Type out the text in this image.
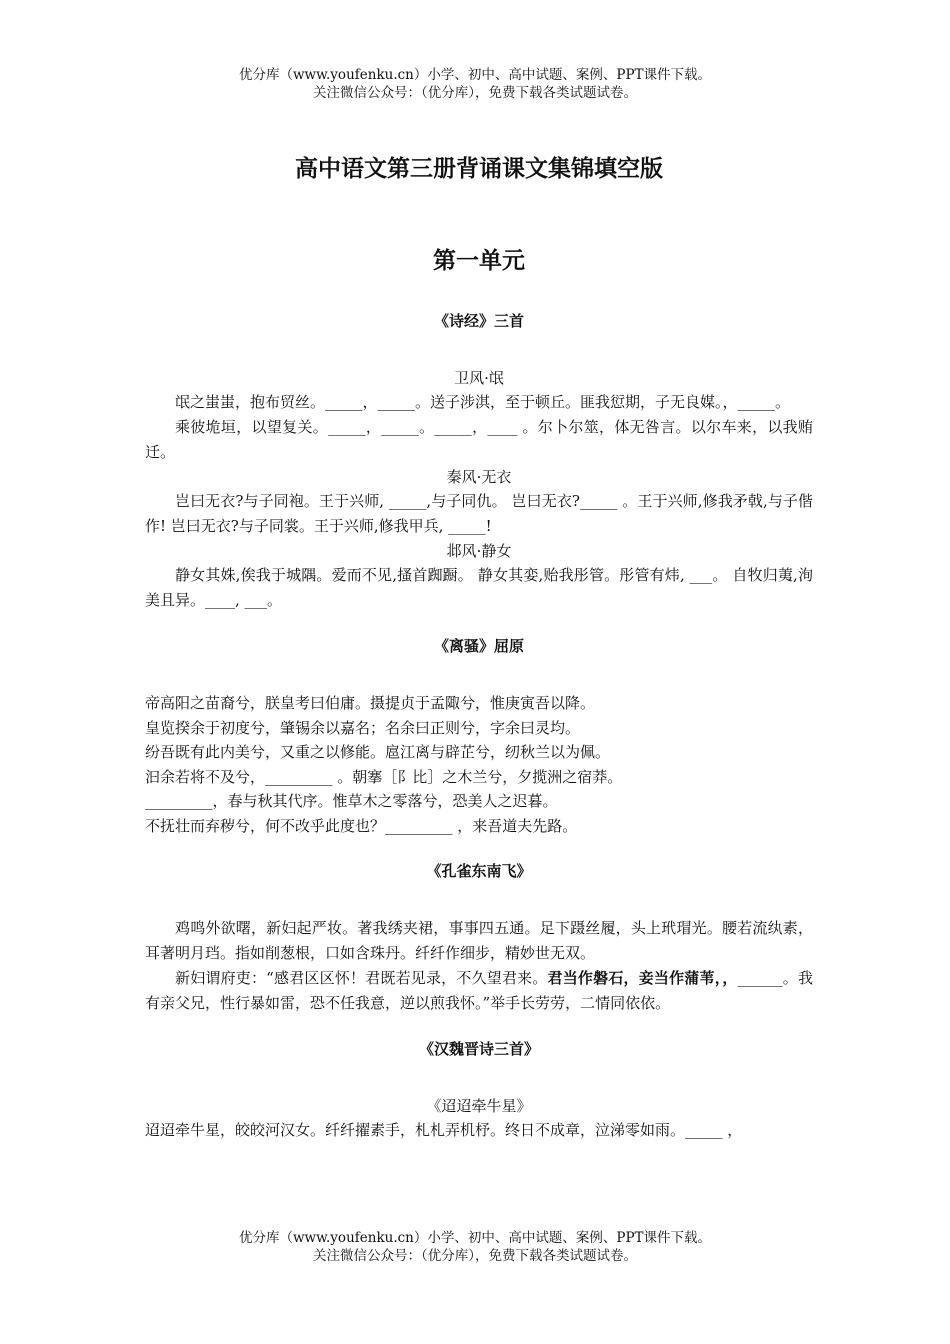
优分库（www.youfenku.cn）小学、初中、高中试题、案例、PPT课件下载。
关注微信公众号：（优分库），免费下载各类试题试卷。
高中语文第三册背诵课文集锦填空版
第一单元
《诗经》三首
卫风·氓

氓之蚩蚩，抱布贸丝。_____，_____。送子涉淇，至于顿丘。匪我愆期，子无良媒。，_____。

乘彼垝垣，以望复关。_____，_____。_____，____ 。尔卜尔筮，体无咎言。以尔车来，以我贿迁。

秦风·无衣

岂曰无衣?与子同袍。王于兴师, _____,与子同仇。 岂曰无衣?_____ 。王于兴师,修我矛戟,与子偕作! 岂曰无衣?与子同裳。王于兴师,修我甲兵, _____!

邶风·静女

静女其姝,俟我于城隅。爱而不见,搔首踟蹰。 静女其娈,贻我彤管。彤管有炜, ___。 自牧归荑,洵美且异。____, ___。

《离骚》屈原

帝高阳之苗裔兮，朕皇考曰伯庸。摄提贞于孟陬兮，惟庚寅吾以降。

皇览揆余于初度兮，肇锡余以嘉名；名余曰正则兮，字余曰灵均。

纷吾既有此内美兮，又重之以修能。扈江离与辟芷兮，纫秋兰以为佩。

汩余若将不及兮，_________ 。朝搴［阝比］之木兰兮，夕揽洲之宿莽。

_________，春与秋其代序。惟草木之零落兮，恐美人之迟暮。

不抚壮而弃秽兮，何不改乎此度也？_________ ，来吾道夫先路。

《孔雀东南飞》

鸡鸣外欲曙，新妇起严妆。著我绣夹裙，事事四五通。足下蹑丝履，头上玳瑁光。腰若流纨素，耳著明月珰。指如削葱根，口如含珠丹。纤纤作细步，精妙世无双。

新妇谓府吏：“感君区区怀！君既若见录，不久望君来。君当作磐石，妾当作蒲苇，，______。我有亲父兄，性行暴如雷，恐不任我意，逆以煎我怀。”举手长劳劳，二情同依依。

《汉魏晋诗三首》
《迢迢牵牛星》

迢迢牵牛星，皎皎河汉女。纤纤擢素手，札札弄机杼。终日不成章，泣涕零如雨。_____ ，

优分库（www.youfenku.cn）小学、初中、高中试题、案例、PPT课件下载。
关注微信公众号：（优分库），免费下载各类试题试卷。
